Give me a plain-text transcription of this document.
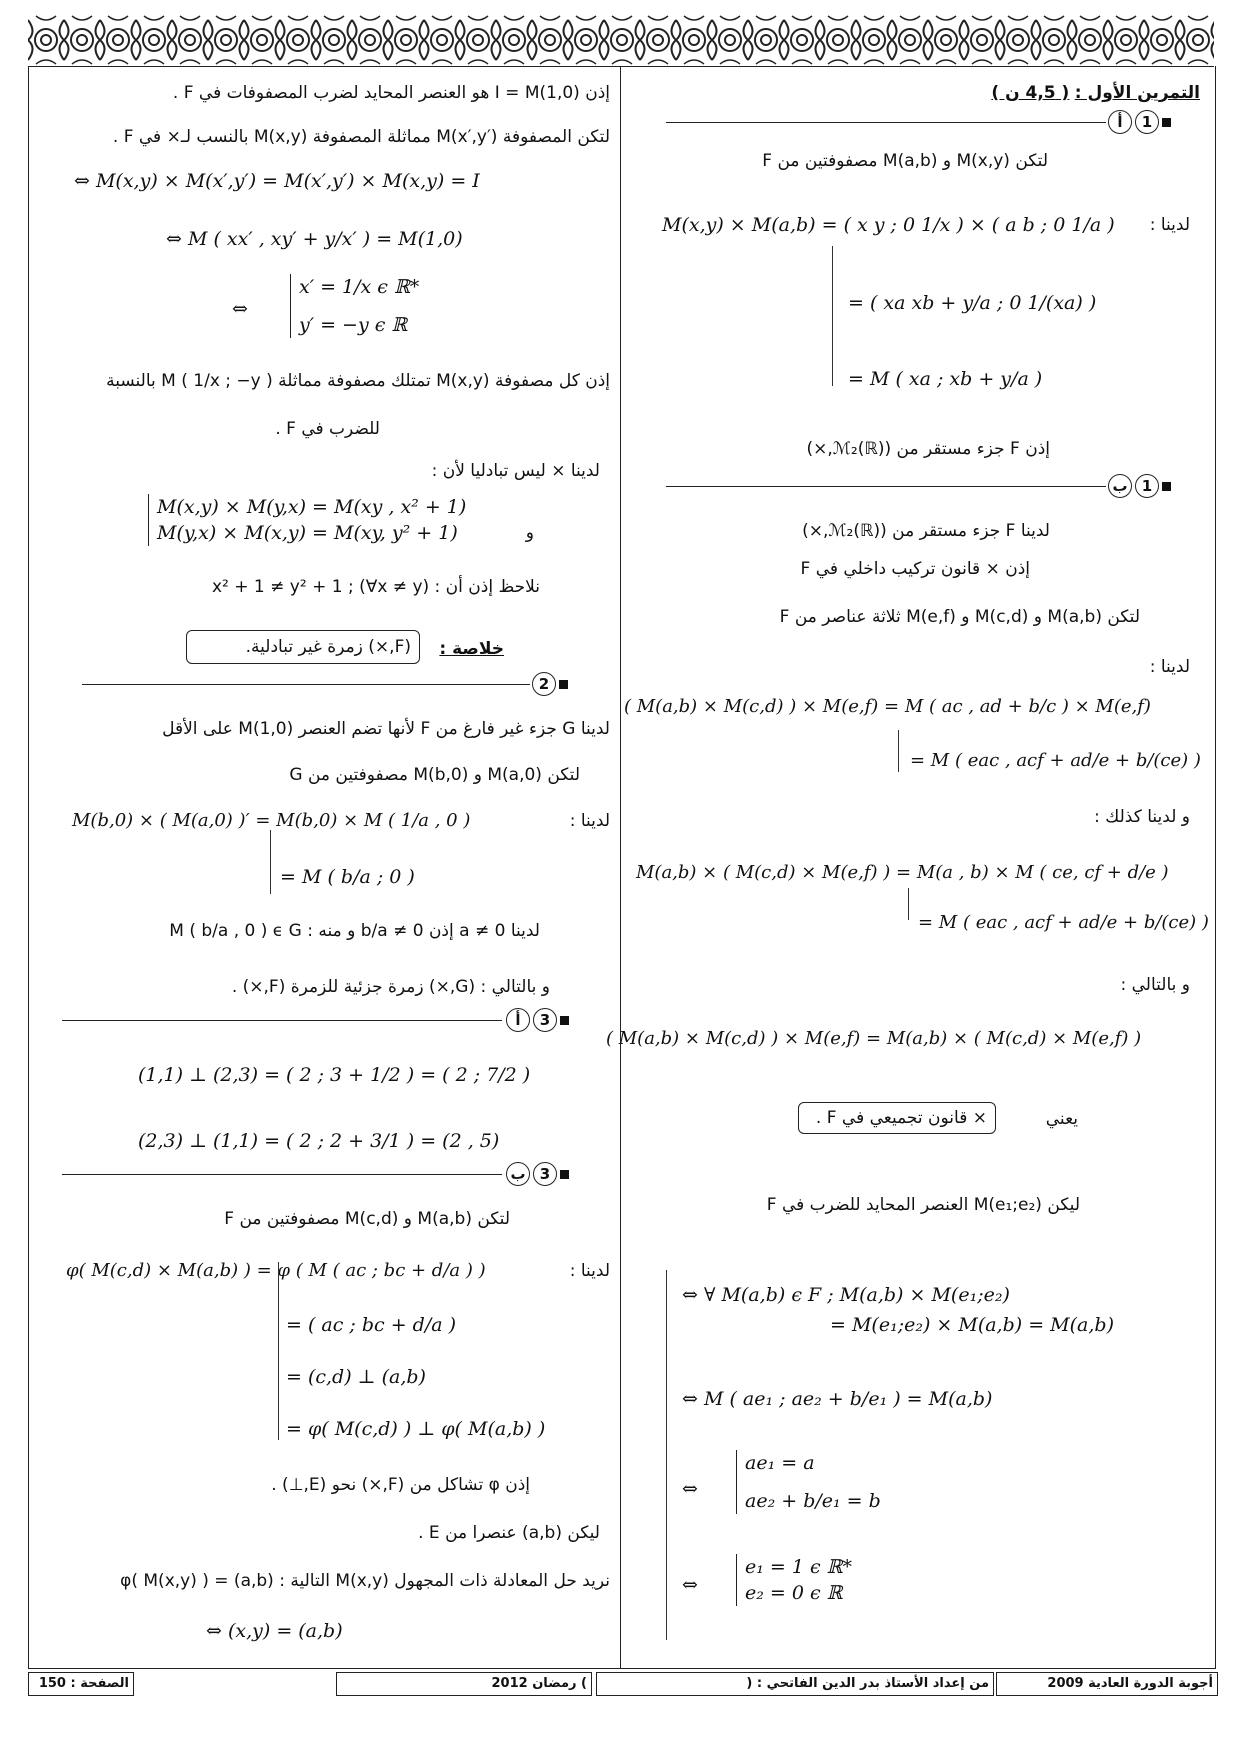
التمرين الأول : ( 4,5 ن )
أ	1
لتكن M(x,y) و M(a,b) مصفوفتين من F
لدينا :
M(x,y) × M(a,b) = ( x y ; 0 1/x ) × ( a b ; 0 1/a )
= ( xa xb + y/a ; 0 1/(xa) )
= M ( xa ; xb + y/a )
إذن F جزء مستقر من (ℳ₂(ℝ),×)
ب 1
لدينا F جزء مستقر من (ℳ₂(ℝ),×)
إذن × قانون تركيب داخلي في F
لتكن M(a,b) و M(c,d) و M(e,f) ثلاثة عناصر من F
لدينا :
( M(a,b) × M(c,d) ) × M(e,f) = M ( ac , ad + b/c ) × M(e,f)
= M ( eac , acf + ad/e + b/(ce) )
و لدينا كذلك :
M(a,b) × ( M(c,d) × M(e,f) ) = M(a , b) × M ( ce, cf + d/e )
= M ( eac , acf + ad/e + b/(ce) )
و بالتالي :
( M(a,b) × M(c,d) ) × M(e,f) = M(a,b) × ( M(c,d) × M(e,f) )
يعني
× قانون تجميعي في F .
ليكن M(e₁;e₂) العنصر المحايد للضرب في F
⇔ ∀ M(a,b) ϵ F ; M(a,b) × M(e₁;e₂)
= M(e₁;e₂) × M(a,b) = M(a,b)
⇔ M ( ae₁ ; ae₂ + b/e₁ ) = M(a,b)
⇔
ae₁ = a
ae₂ + b/e₁ = b
⇔
e₁ = 1 ϵ ℝ*
e₂ = 0 ϵ ℝ
إذن I = M(1,0) هو العنصر المحايد لضرب المصفوفات في F .
لتكن المصفوفة M(x′,y′) مماثلة المصفوفة M(x,y) بالنسب لـ× في F .
⇔ M(x,y) × M(x′,y′) = M(x′,y′) × M(x,y) = I
⇔ M ( xx′ , xy′ + y/x′ ) = M(1,0)
⇔
x′ = 1/x ϵ ℝ*
y′ = −y ϵ ℝ
إذن كل مصفوفة M(x,y) تمتلك مصفوفة مماثلة M ( 1/x ; −y ) بالنسبة
للضرب في F .
لدينا × ليس تبادليا لأن :
و
M(x,y) × M(y,x) = M(xy , x² + 1)
M(y,x) × M(x,y) = M(xy, y² + 1)
نلاحظ إذن أن : x² + 1 ≠ y² + 1 ; (∀x ≠ y)
خلاصة :
(F,×) زمرة غير تبادلية.
2
لدينا G جزء غير فارغ من F لأنها تضم العنصر M(1,0) على الأقل
لتكن M(a,0) و M(b,0) مصفوفتين من G
لدينا :
M(b,0) × ( M(a,0) )′ = M(b,0) × M ( 1/a , 0 )
= M ( b/a ; 0 )
لدينا a ≠ 0 إذن b/a ≠ 0 و منه : M ( b/a , 0 ) ϵ G
و بالتالي : (G,×) زمرة جزئية للزمرة (F,×) .
أ	3
(1,1) ⊥ (2,3) = ( 2 ; 3 + 1/2 ) = ( 2 ; 7/2 )
(2,3) ⊥ (1,1) = ( 2 ; 2 + 3/1 ) = (2 , 5)
ب 3
لتكن M(a,b) و M(c,d) مصفوفتين من F
لدينا :
φ( M(c,d) × M(a,b) ) = φ ( M ( ac ; bc + d/a ) )
= ( ac ; bc + d/a )
= (c,d) ⊥ (a,b)
= φ( M(c,d) ) ⊥ φ( M(a,b) )
إذن φ تشاكل من (F,×) نحو (E,⊥) .
ليكن (a,b) عنصرا من E .
نريد حل المعادلة ذات المجهول M(x,y) التالية : φ( M(x,y) ) = (a,b)
⇔ (x,y) = (a,b)
أجوبة الدورة العادية 2009
من إعداد الأستاذ بدر الدين الفاتحي : (
) رمضان 2012
الصفحة : 150
